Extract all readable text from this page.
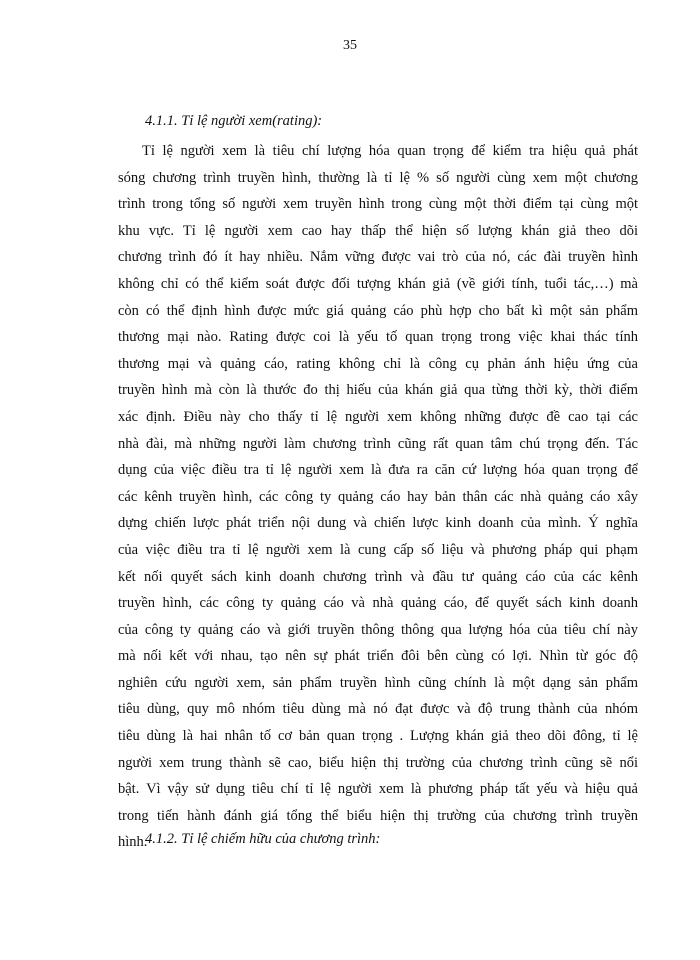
35
4.1.1. Tỉ lệ người xem(rating):
Tỉ lệ người xem là tiêu chí lượng hóa quan trọng để kiểm tra hiệu quả phát
sóng chương trình truyền hình, thường là tỉ lệ % số người cùng xem một chương
trình trong tổng số người xem truyền hình trong cùng một thời điểm tại cùng một
khu vực. Tỉ lệ người xem cao hay thấp thể hiện số lượng khán giả theo dõi
chương trình đó ít hay nhiều. Nắm vững được vai trò của nó, các đài truyền hình
không chỉ có thể kiểm soát được đối tượng khán giả (về giới tính, tuổi tác,…) mà
còn có thể định hình được mức giá quảng cáo phù hợp cho bất kì một sản phẩm
thương mại nào. Rating được coi là yếu tố quan trọng trong việc khai thác tính
thương mại và quảng cáo, rating không chỉ là công cụ phản ánh hiệu ứng của
truyền hình mà còn là thước đo thị hiếu của khán giả qua từng thời kỳ, thời điểm
xác định. Điều này cho thấy tỉ lệ người xem không những được đề cao tại các
nhà đài, mà những người làm chương trình cũng rất quan tâm chú trọng đến. Tác
dụng của việc điều tra tỉ lệ người xem là đưa ra căn cứ lượng hóa quan trọng để
các kênh truyền hình, các công ty quảng cáo hay bản thân các nhà quảng cáo xây
dựng chiến lược phát triển nội dung và chiến lược kinh doanh của mình. Ý nghĩa
của việc điều tra tỉ lệ người xem là cung cấp số liệu và phương pháp qui phạm
kết nối quyết sách kinh doanh chương trình và đầu tư quảng cáo của các kênh
truyền hình, các công ty quảng cáo và nhà quảng cáo, để quyết sách kinh doanh
của công ty quảng cáo và giới truyền thông thông qua lượng hóa của tiêu chí này
mà nối kết với nhau, tạo nên sự phát triển đôi bên cùng có lợi. Nhìn từ góc độ
nghiên cứu người xem, sản phẩm truyền hình cũng chính là một dạng sản phẩm
tiêu dùng, quy mô nhóm tiêu dùng mà nó đạt được và độ trung thành của nhóm
tiêu dùng là hai nhân tố cơ bản quan trọng . Lượng khán giả theo dõi đông, tỉ lệ
người xem trung thành sẽ cao, biểu hiện thị trường của chương trình cũng sẽ nổi
bật. Vì vậy sử dụng tiêu chí tỉ lệ người xem là phương pháp tất yếu và hiệu quả
trong tiến hành đánh giá tổng thể biểu hiện thị trường của chương trình truyền
hình.
4.1.2. Tỉ lệ chiếm hữu của chương trình:
